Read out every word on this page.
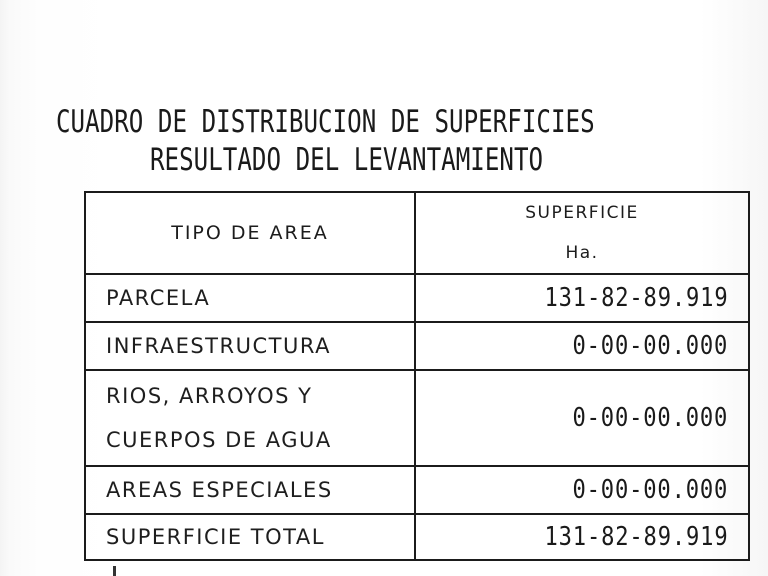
CUADRO DE DISTRIBUCION DE SUPERFICIES
RESULTADO DEL LEVANTAMIENTO
TIPO DE AREA	SUPERFICIE
Ha.

PARCELA	131-82-89.919
INFRAESTRUCTURA	0-00-00.000

RIOS, ARROYOS Y
CUERPOS DE AGUA	0-00-00.000
AREAS ESPECIALES	0-00-00.000
SUPERFICIE TOTAL	131-82-89.919
